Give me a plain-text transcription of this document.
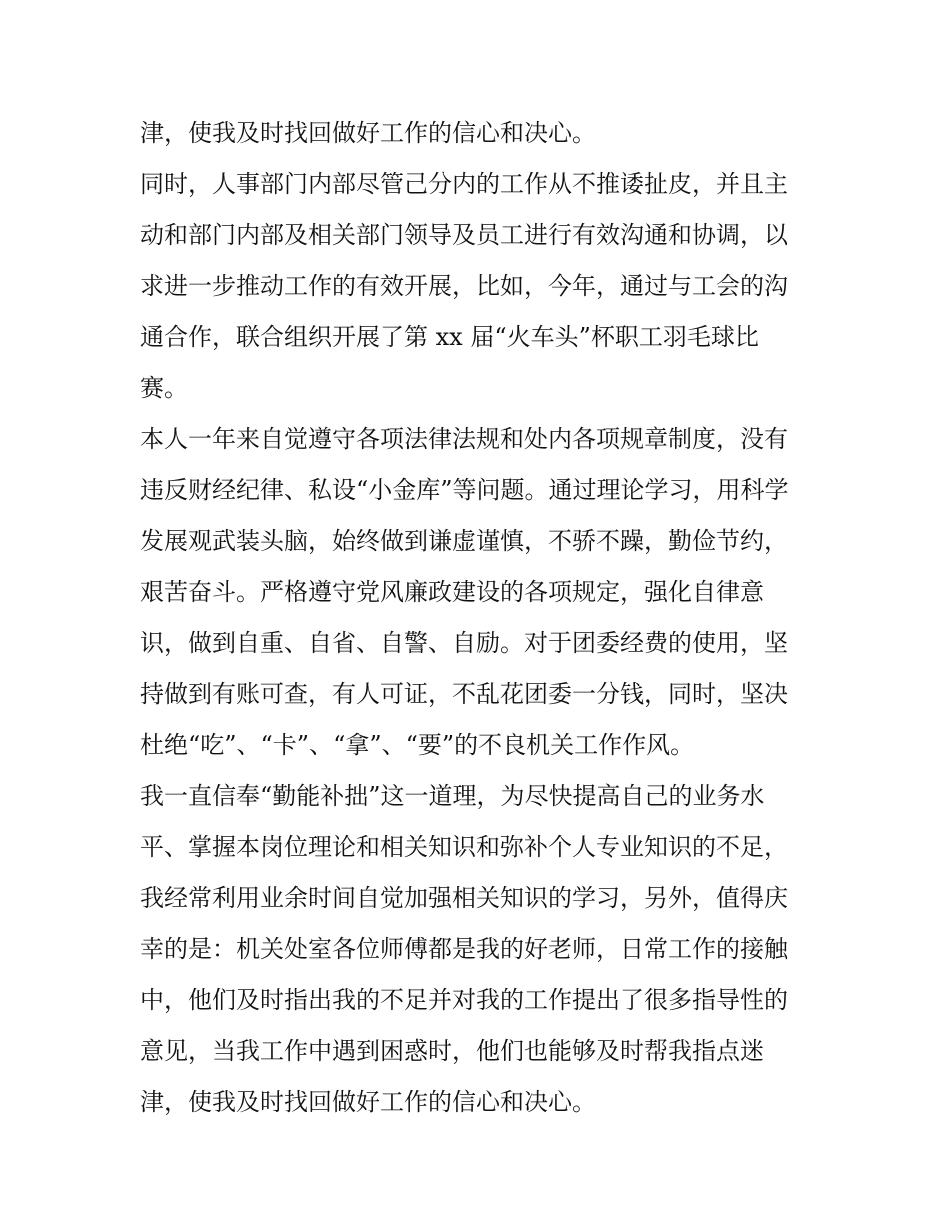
津，使我及时找回做好工作的信心和决心。
同时，人事部门内部尽管己分内的工作从不推诿扯皮，并且主
动和部门内部及相关部门领导及员工进行有效沟通和协调，以
求进一步推动工作的有效开展，比如，今年，通过与工会的沟
通合作，联合组织开展了第 xx 届“火车头”杯职工羽毛球比
赛。
本人一年来自觉遵守各项法律法规和处内各项规章制度，没有
违反财经纪律、私设“小金库”等问题。通过理论学习，用科学
发展观武装头脑，始终做到谦虚谨慎，不骄不躁，勤俭节约，
艰苦奋斗。严格遵守党风廉政建设的各项规定，强化自律意
识，做到自重、自省、自警、自励。对于团委经费的使用，坚
持做到有账可查，有人可证，不乱花团委一分钱，同时，坚决
杜绝“吃”、“卡”、“拿”、“要”的不良机关工作作风。
我一直信奉“勤能补拙”这一道理，为尽快提高自己的业务水
平、掌握本岗位理论和相关知识和弥补个人专业知识的不足，
我经常利用业余时间自觉加强相关知识的学习，另外，值得庆
幸的是：机关处室各位师傅都是我的好老师，日常工作的接触
中，他们及时指出我的不足并对我的工作提出了很多指导性的
意见，当我工作中遇到困惑时，他们也能够及时帮我指点迷
津，使我及时找回做好工作的信心和决心。
